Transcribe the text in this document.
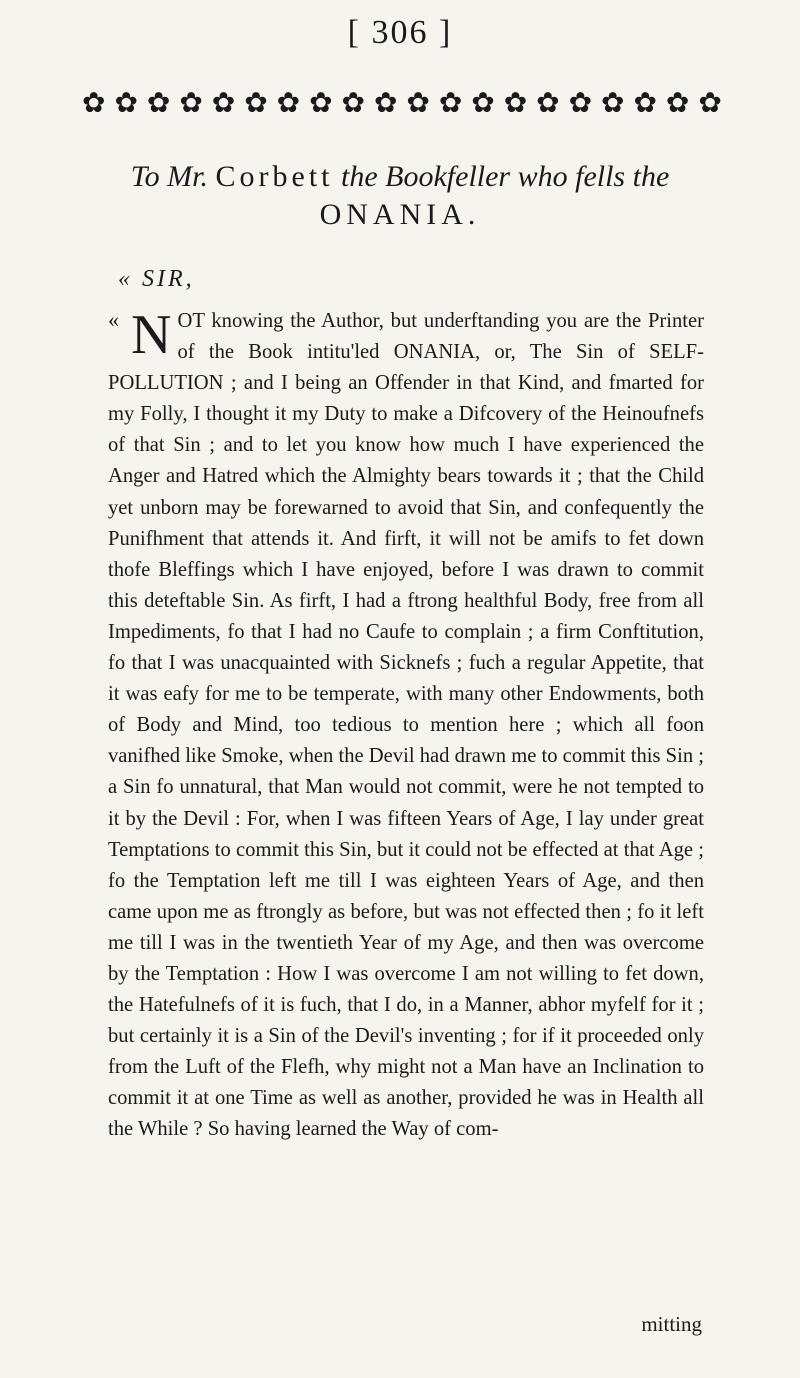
[ 306 ]
✿ ✿ ✿ ✿ ✿ ✿ ✿ ✿ ✿ ✿ ✿ ✿ ✿ ✿ ✿ ✿ ✿ ✿ ✿ ✿
To Mr. Corbett the Bookfeller who fells the
ONANIA.
« SIR,
« N OT knowing the Author, but underftanding you are the Printer of the Book intitu'led ONANIA, or, The Sin of SELF-POLLUTION ; and I being an Offender in that Kind, and fmarted for my Folly, I thought it my Duty to make a Difcovery of the Heinoufnefs of that Sin ; and to let you know how much I have experienced the Anger and Hatred which the Almighty bears towards it ; that the Child yet unborn may be forewarned to avoid that Sin, and confequently the Punifhment that attends it. And firft, it will not be amifs to fet down thofe Bleffings which I have enjoyed, before I was drawn to commit this deteftable Sin. As firft, I had a ftrong healthful Body, free from all Impediments, fo that I had no Caufe to complain ; a firm Conftitution, fo that I was unacquainted with Sicknefs ; fuch a regular Appetite, that it was eafy for me to be temperate, with many other Endowments, both of Body and Mind, too tedious to mention here ; which all foon vanifhed like Smoke, when the Devil had drawn me to commit this Sin ; a Sin fo unnatural, that Man would not commit, were he not tempted to it by the Devil : For, when I was fifteen Years of Age, I lay under great Temptations to commit this Sin, but it could not be effected at that Age ; fo the Temptation left me till I was eighteen Years of Age, and then came upon me as ftrongly as before, but was not effected then ; fo it left me till I was in the twentieth Year of my Age, and then was overcome by the Temptation : How I was overcome I am not willing to fet down, the Hatefulnefs of it is fuch, that I do, in a Manner, abhor myfelf for it ; but certainly it is a Sin of the Devil's inventing ; for if it proceeded only from the Luft of the Flefh, why might not a Man have an Inclination to commit it at one Time as well as another, provided he was in Health all the While ? So having learned the Way of com-
mitting
